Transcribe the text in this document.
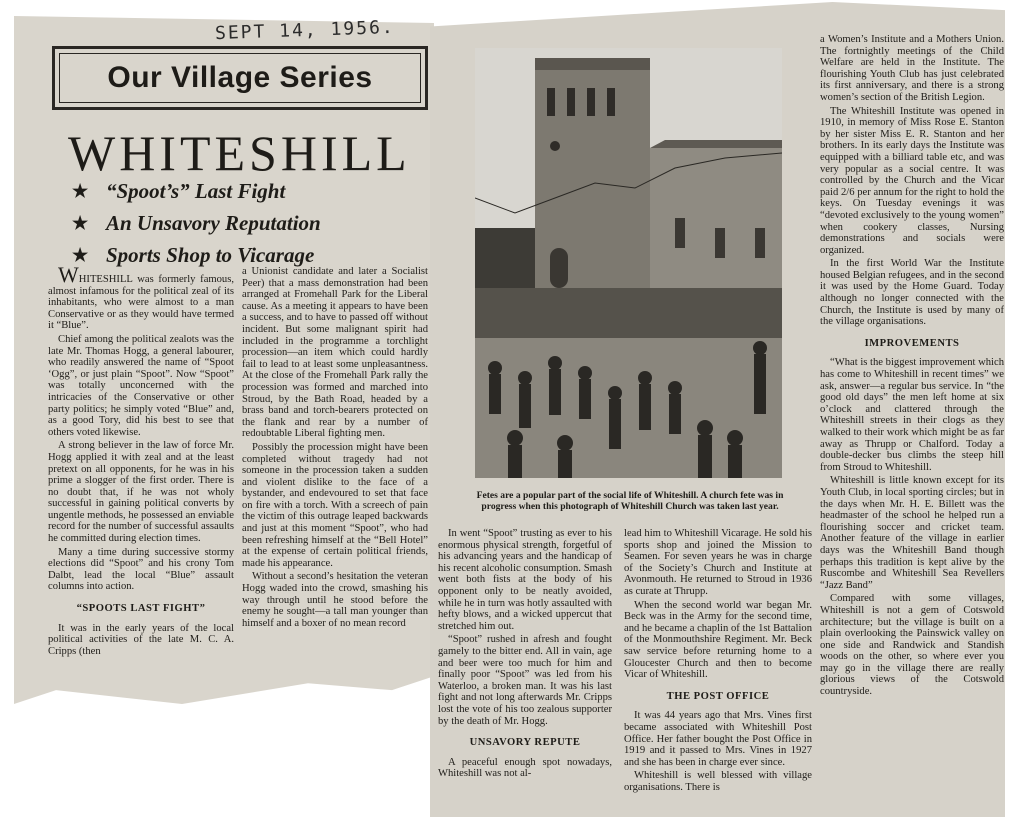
SEPT 14, 1956.
Our Village Series
WHITESHILL
★ “Spoot’s” Last Fight
★ An Unsavory Reputation
★ Sports Shop to Vicarage

WHITESHILL was formerly famous, almost infamous for the political zeal of its inhabitants, who were almost to a man Conservative or as they would have termed it “Blue”.

Chief among the political zealots was the late Mr. Thomas Hogg, a general labourer, who readily answered the name of “Spoot ‘Ogg”, or just plain “Spoot”. Now “Spoot” was totally unconcerned with the intricacies of the Conservative or other party politics; he simply voted “Blue” and, as a good Tory, did his best to see that others voted likewise.

A strong believer in the law of force Mr. Hogg applied it with zeal and at the least pretext on all opponents, for he was in his prime a slogger of the first order. There is no doubt that, if he was not wholy successful in gaining political converts by ungentle methods, he possessed an enviable record for the number of successful assaults he committed during election times.

Many a time during successive stormy elections did “Spoot” and his crony Tom Dalbt, lead the local “Blue” assault columns into action.

“SPOOTS LAST FIGHT”

It was in the early years of the local political activities of the late M. C. A. Cripps (then

a Unionist candidate and later a Socialist Peer) that a mass demonstration had been arranged at Fromehall Park for the Liberal cause. As a meeting it appears to have been a success, and to have to passed off without incident. But some malignant spirit had included in the programme a torchlight procession—an item which could hardly fail to lead to at least some unpleasantness. At the close of the Fromehall Park rally the procession was formed and marched into Stroud, by the Bath Road, headed by a brass band and torch-bearers protected on the flank and rear by a number of redoubtable Liberal fighting men.

Possibly the procession might have been completed without tragedy had not someone in the procession taken a sudden and violent dislike to the face of a bystander, and endevoured to set that face on fire with a torch. With a screech of pain the victim of this outrage leaped backwards and just at this moment “Spoot”, who had been refreshing himself at the “Bell Hotel” at the expense of certain political friends, made his appearance.

Without a second’s hesitation the veteran Hogg waded into the crowd, smashing his way through until he stood before the enemy he sought—a tall man younger than himself and a boxer of no mean record

Fetes are a popular part of the social life of Whiteshill. A church fete was in progress when this photograph of Whiteshill Church was taken last year.

In went “Spoot” trusting as ever to his enormous physical strength, forgetful of his advancing years and the handicap of his recent alcoholic consumption. Smash went both fists at the body of his opponent only to be neatly avoided, while he in turn was hotly assaulted with hefty blows, and a wicked uppercut that stretched him out.

“Spoot” rushed in afresh and fought gamely to the bitter end. All in vain, age and beer were too much for him and finally poor “Spoot” was led from his Waterloo, a broken man. It was his last fight and not long afterwards Mr. Cripps lost the vote of his too zealous supporter by the death of Mr. Hogg.

UNSAVORY REPUTE

A peaceful enough spot nowadays, Whiteshill was not al-

lead him to Whiteshill Vicarage. He sold his sports shop and joined the Mission to Seamen. For seven years he was in charge of the Society’s Church and Institute at Avonmouth. He returned to Stroud in 1936 as curate at Thrupp.

When the second world war began Mr. Beck was in the Army for the second time, and he became a chaplin of the 1st Battalion of the Monmouthshire Regiment. Mr. Beck saw service before returning home to a Gloucester Church and then to become Vicar of Whiteshill.

THE POST OFFICE

It was 44 years ago that Mrs. Vines first became associated with Whiteshill Post Office. Her father bought the Post Office in 1919 and it passed to Mrs. Vines in 1927 and she has been in charge ever since.

Whiteshill is well blessed with village organisations. There is

a Women’s Institute and a Mothers Union. The fortnightly meetings of the Child Welfare are held in the Institute. The flourishing Youth Club has just celebrated its first anniversary, and there is a strong women’s section of the British Legion.

The Whiteshill Institute was opened in 1910, in memory of Miss Rose E. Stanton by her sister Miss E. R. Stanton and her brothers. In its early days the Institute was equipped with a billiard table etc, and was very popular as a social centre. It was controlled by the Church and the Vicar paid 2/6 per annum for the right to hold the keys. On Tuesday evenings it was “devoted exclusively to the young women” when cookery classes, Nursing demonstrations and socials were organized.

In the first World War the Institute housed Belgian refugees, and in the second it was used by the Home Guard. Today although no longer connected with the Church, the Institute is used by many of the village organisations.

IMPROVEMENTS

“What is the biggest improvement which has come to Whiteshill in recent times” we ask, answer—a regular bus service. In “the good old days” the men left home at six o’clock and clattered through the Whiteshill streets in their clogs as they walked to their work which might be as far away as Thrupp or Chalford. Today a double-decker bus climbs the steep hill from Stroud to Whiteshill.

Whiteshill is little known except for its Youth Club, in local sporting circles; but in the days when Mr. H. E. Billett was the headmaster of the school he helped run a flourishing soccer and cricket team. Another feature of the village in earlier days was the Whiteshill Band though perhaps this tradition is kept alive by the Ruscombe and Whiteshill Sea Revellers “Jazz Band”

Compared with some villages, Whiteshill is not a gem of Cotswold architecture; but the village is built on a plain overlooking the Painswick valley on one side and Randwick and Standish woods on the other, so where ever you may go in the village there are really glorious views of the Cotswold countryside.
